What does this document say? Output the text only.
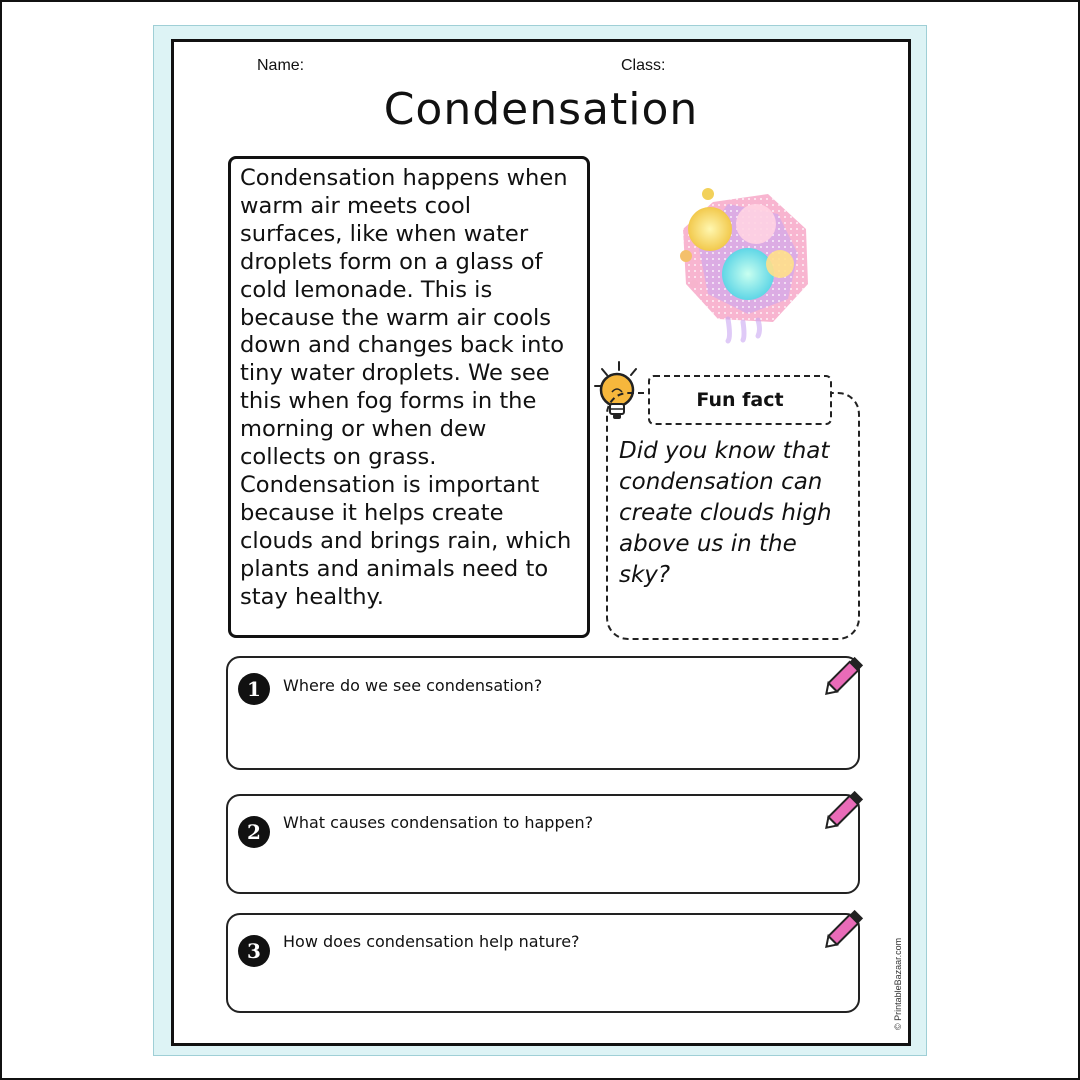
Name:	Class:
Condensation
Condensation happens when warm air meets cool surfaces, like when water droplets form on a glass of cold lemonade. This is because the warm air cools down and changes back into tiny water droplets. We see this when fog forms in the morning or when dew collects on grass. Condensation is important because it helps create clouds and brings rain, which plants and animals need to stay healthy.
Fun fact
Did you know that condensation can create clouds high above us in the sky?
1	Where do we see condensation?
2	What causes condensation to happen?
3	How does condensation help nature?	© PrintableBazaar.com
